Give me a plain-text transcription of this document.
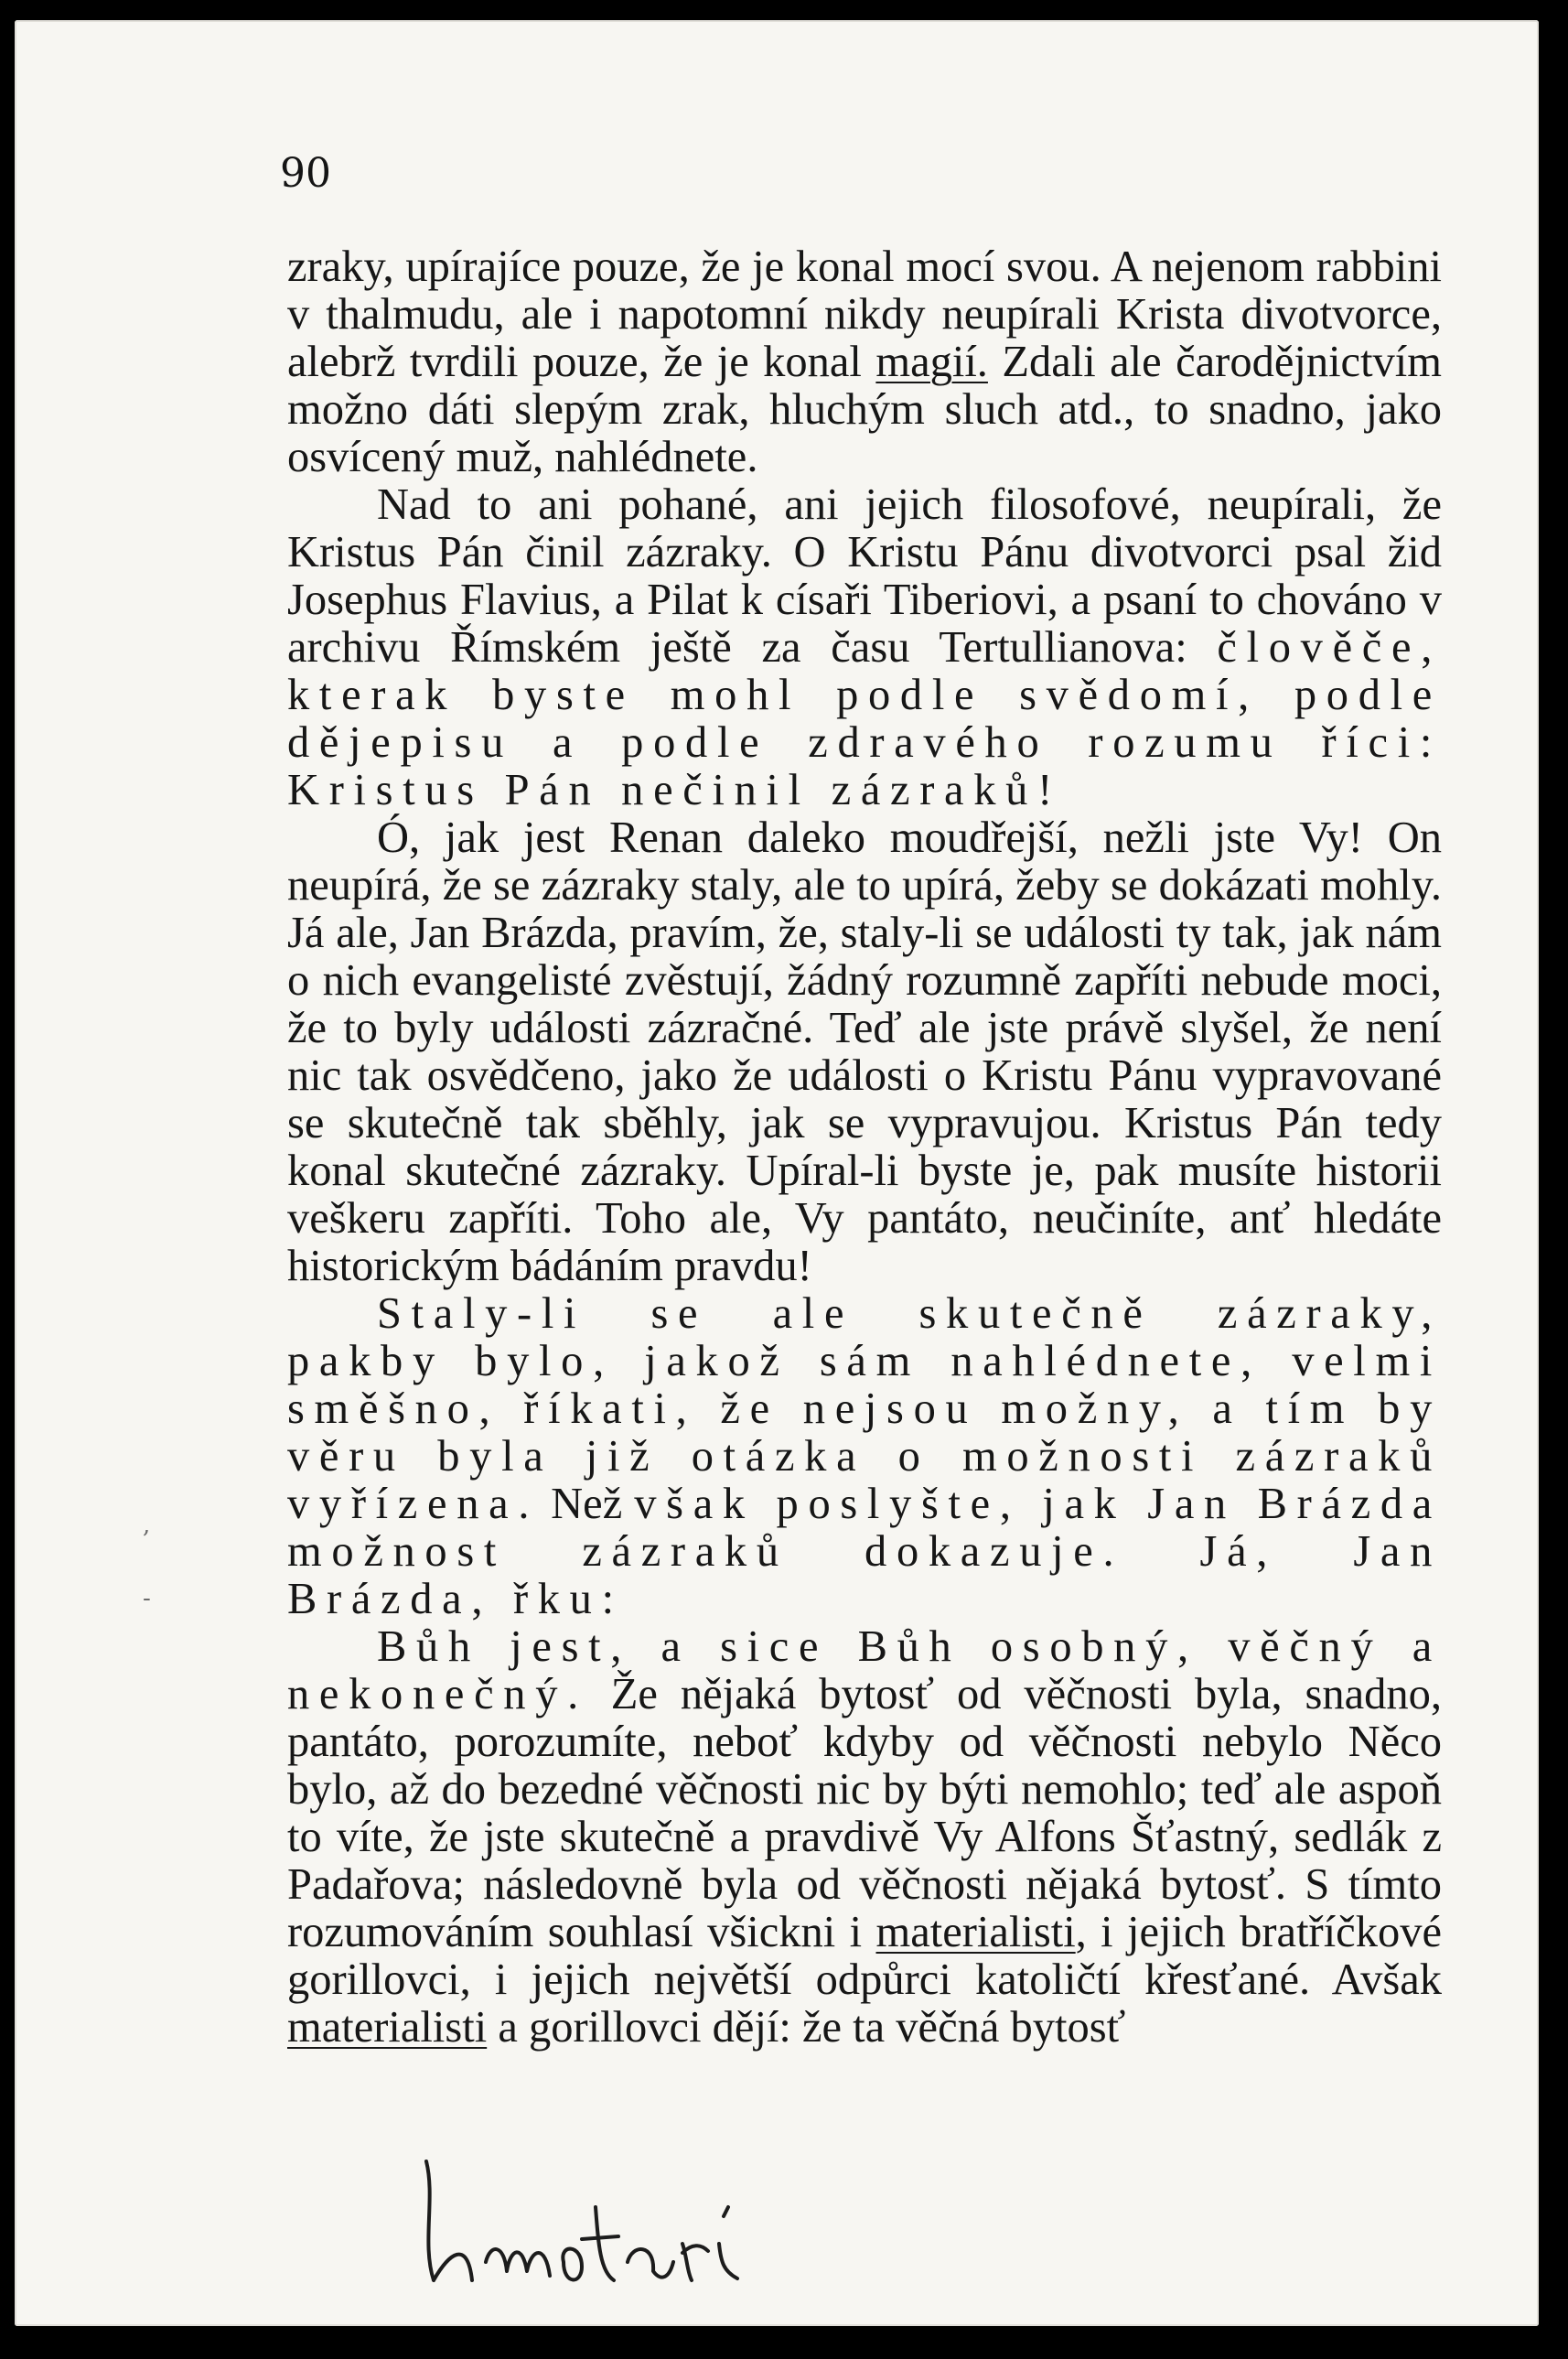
90

zraky, upírajíce pouze, že je konal mocí svou. A nejenom rabbini v thalmudu, ale i napotomní nikdy neupírali Krista divotvorce, alebrž tvrdili pouze, že je konal magií. Zdali ale čarodějnictvím možno dáti slepým zrak, hluchým sluch atd., to snadno, jako osvícený muž, nahlédnete.

Nad to ani pohané, ani jejich filosofové, neupírali, že Kristus Pán činil zázraky. O Kristu Pánu divotvorci psal žid Josephus Flavius, a Pilat k císaři Tiberiovi, a psaní to chováno v archivu Římském ještě za času Tertullianova: člověče, kterak byste mohl podle svědomí, podle dějepisu a podle zdravého rozumu říci: Kristus Pán nečinil zázraků!

Ó, jak jest Renan daleko moudřejší, nežli jste Vy! On neupírá, že se zázraky staly, ale to upírá, žeby se dokázati mohly. Já ale, Jan Brázda, pravím, že, staly-li se události ty tak, jak nám o nich evangelisté zvěstují, žádný rozumně zapříti nebude moci, že to byly události zázračné. Teď ale jste právě slyšel, že není nic tak osvědčeno, jako že události o Kristu Pánu vypravované se skutečně tak sběhly, jak se vypravujou. Kristus Pán tedy konal skutečné zázraky. Upíral-li byste je, pak musíte historii veškeru zapříti. Toho ale, Vy pantáto, neučiníte, anť hledáte historickým bádáním pravdu!

Staly-li se ale skutečně zázraky, pakby bylo, jakož sám nahlédnete, velmi směšno, říkati, že nejsou možny, a tím by věru byla již otázka o možnosti zázraků vyřízena. Než však poslyšte, jak Jan Brázda možnost zázraků dokazuje. Já, Jan Brázda, řku:

Bůh jest, a sice Bůh osobný, věčný a nekonečný. Že nějaká bytosť od věčnosti byla, snadno, pantáto, porozumíte, neboť kdyby od věčnosti nebylo Něco bylo, až do bezedné věčnosti nic by býti nemohlo; teď ale aspoň to víte, že jste skutečně a pravdivě Vy Alfons Šťastný, sedlák z Padařova; následovně byla od věčnosti nějaká bytosť. S tímto rozumováním souhlasí všickni i materialisti, i jejich bratříčkové gorillovci, i jejich největší odpůrci katoličtí křesťané. Avšak materialisti a gorillovci dějí: že ta věčná bytosť

,
-
